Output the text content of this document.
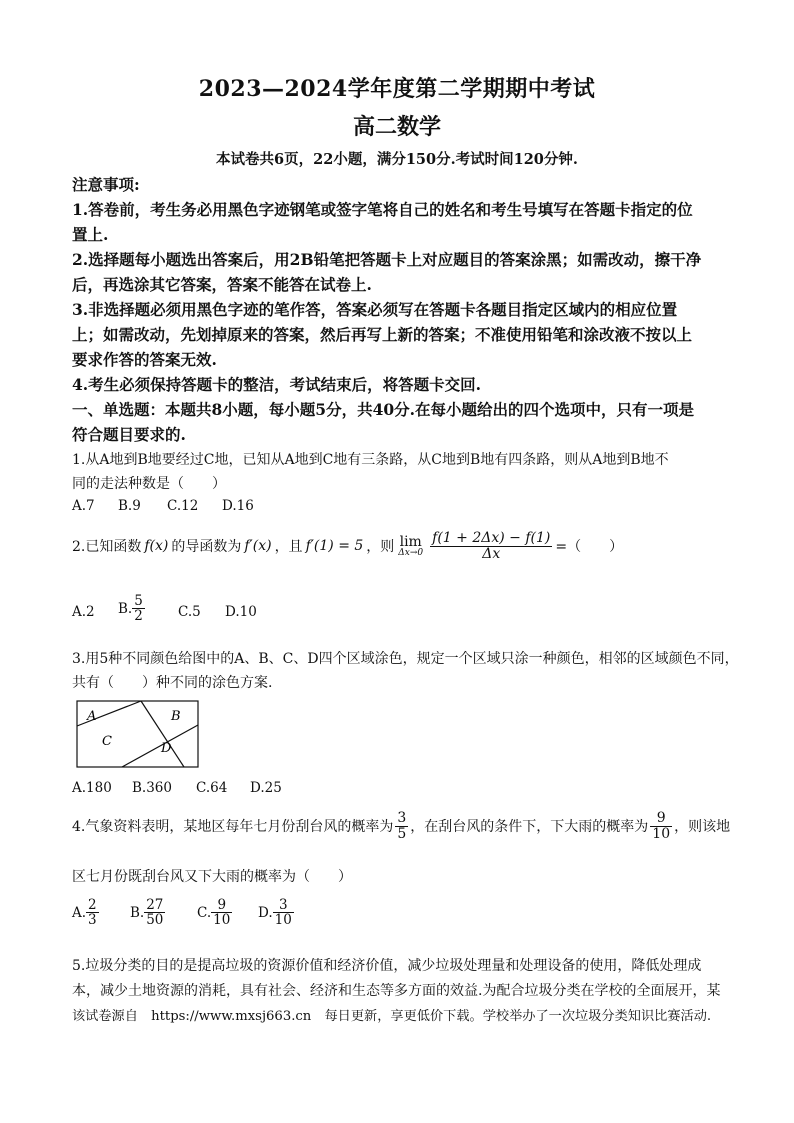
2023—2024学年度第二学期期中考试
高二数学
本试卷共6页，22小题，满分150分.考试时间120分钟.
注意事项:
1.答卷前，考生务必用黑色字迹钢笔或签字笔将自己的姓名和考生号填写在答题卡指定的位
置上.
2.选择题每小题选出答案后，用2B铅笔把答题卡上对应题目的答案涂黑；如需改动，擦干净
后，再选涂其它答案，答案不能答在试卷上.
3.非选择题必须用黑色字迹的笔作答，答案必须写在答题卡各题目指定区域内的相应位置
上；如需改动，先划掉原来的答案，然后再写上新的答案；不准使用铅笔和涂改液不按以上
要求作答的答案无效.
4.考生必须保持答题卡的整洁，考试结束后，将答题卡交回.
一、单选题：本题共8小题，每小题5分，共40分.在每小题给出的四个选项中，只有一项是
符合题目要求的.
1.从A地到B地要经过C地，已知从A地到C地有三条路，从C地到B地有四条路，则从A地到B地不
同的走法种数是（　　）
A.7 B.9 C.12 D.16
2.已知函数 f(x) 的导函数为 f′(x) ，且 f′(1) = 5 ，则 lim
$\Delta x\to 0 \frac{f(1 + 2\Delta x) - f(1)}{\Delta x}$ =（　　）
A.2 B. $\frac{5}{2} C.5$ D.10
3.用5种不同颜色给图中的A、B、C、D四个区域涂色，规定一个区域只涂一种颜色，相邻的区域颜色不同，
共有（　　）种不同的涂色方案.
A	B
C	D
A.180 B.360 C.64 D.25
4.气象资料表明，某地区每年七月份刮台风的概率为 $\frac{3}{5}$ ，在刮台风的条件下，下大雨的概率为 $\frac{9}{10}$ ，则该地
区七月份既刮台风又下大雨的概率为（　　）
A. $\frac{2}{3} B$. $\frac{27}{50} C$. $\frac{9}{10} D$. $\frac{3}{10}$
5.垃圾分类的目的是提高垃圾的资源价值和经济价值，减少垃圾处理量和处理设备的使用，降低处理成
本，减少土地资源的消耗，具有社会、经济和生态等多方面的效益.为配合垃圾分类在学校的全面展开，某
该试卷源自　https://www.mxsj663.cn　每日更新，享更低价下载。学校举办了一次垃圾分类知识比赛活动.
